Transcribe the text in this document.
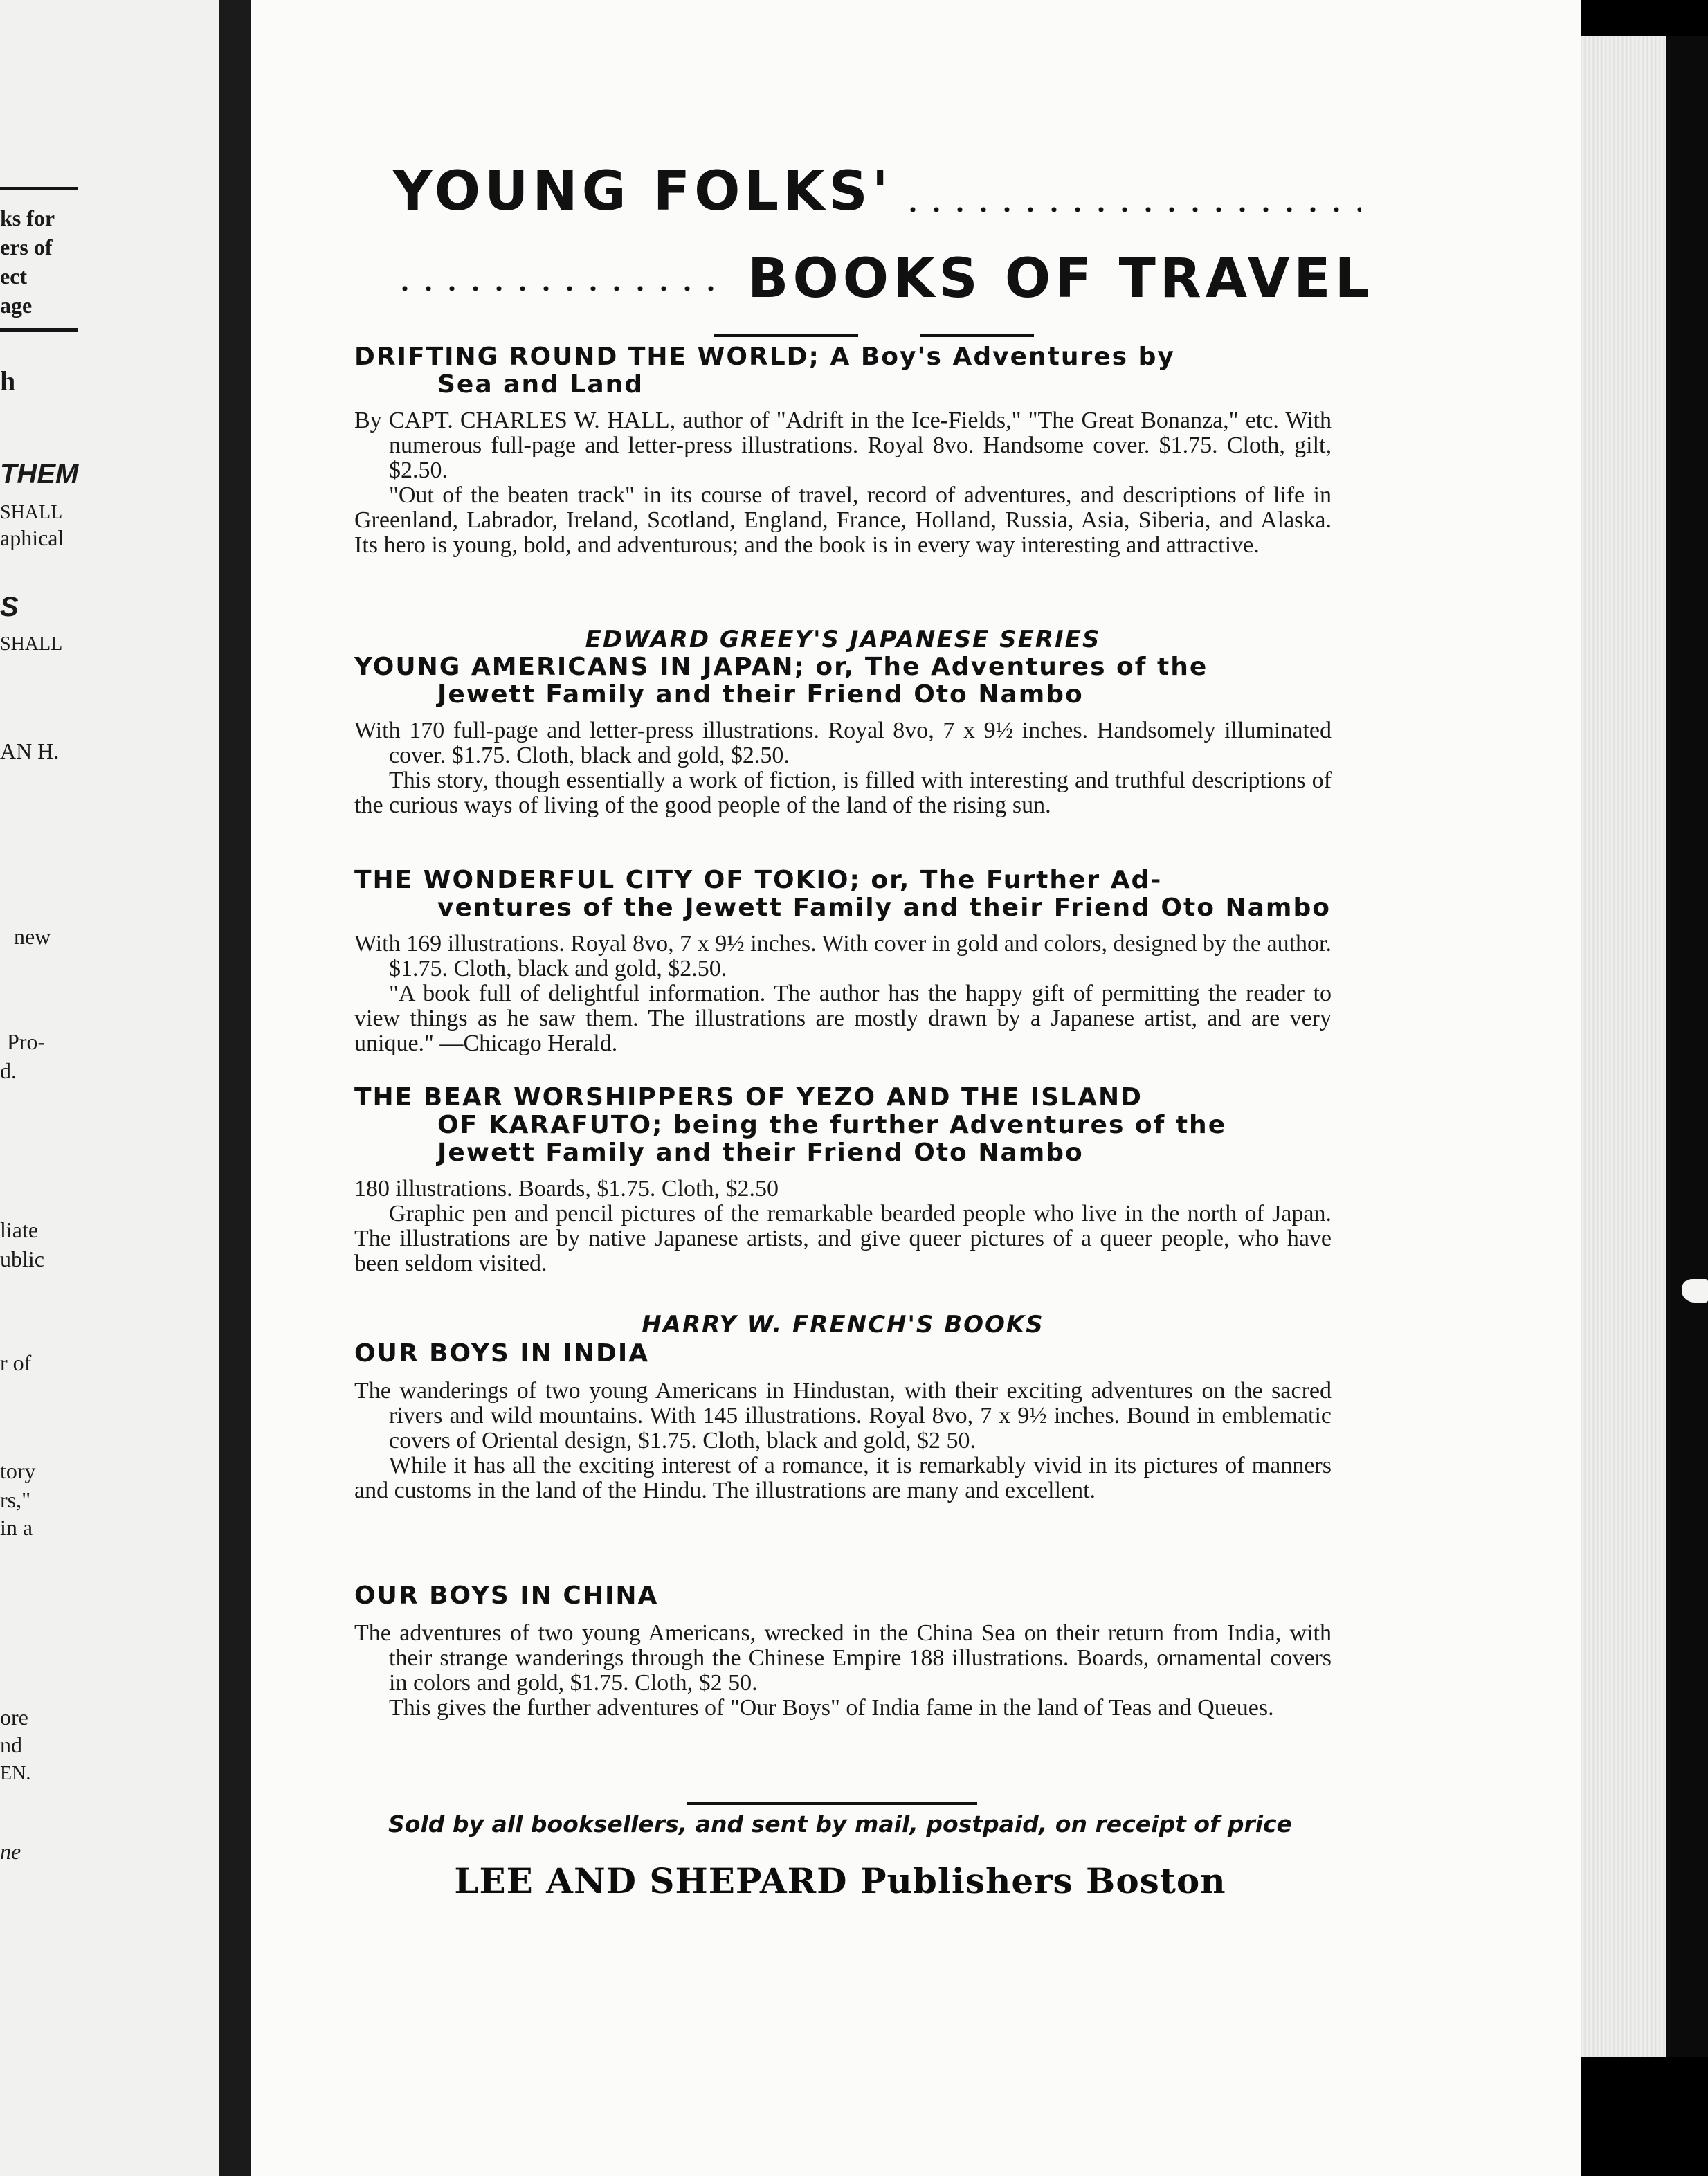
ks for
ers of
ect
age
h
THEM
SHALL
aphical
S
SHALL
AN H.
new
Pro-
d.
liate
ublic
r of
tory
rs,"
in a
ore
nd
EN.
ne
YOUNG FOLKS'
BOOKS OF TRAVEL

DRIFTING ROUND THE WORLD; A Boy's Adventures by
Sea and Land

By CAPT. CHARLES W. HALL, author of "Adrift in the Ice-Fields," "The Great Bonanza," etc. With numerous full-page and letter-press illustrations. Royal 8vo. Handsome cover. $1.75. Cloth, gilt, $2.50.

"Out of the beaten track" in its course of travel, record of adventures, and descriptions of life in Greenland, Labrador, Ireland, Scotland, England, France, Holland, Russia, Asia, Siberia, and Alaska. Its hero is young, bold, and adventurous; and the book is in every way interesting and attractive.

EDWARD GREEY'S JAPANESE SERIES

YOUNG AMERICANS IN JAPAN; or, The Adventures of the
Jewett Family and their Friend Oto Nambo

With 170 full-page and letter-press illustrations. Royal 8vo, 7 x 9½ inches. Handsomely illuminated cover. $1.75. Cloth, black and gold, $2.50.

This story, though essentially a work of fiction, is filled with interesting and truthful descriptions of the curious ways of living of the good people of the land of the rising sun.

THE WONDERFUL CITY OF TOKIO; or, The Further Ad-
ventures of the Jewett Family and their Friend Oto Nambo

With 169 illustrations. Royal 8vo, 7 x 9½ inches. With cover in gold and colors, designed by the author. $1.75. Cloth, black and gold, $2.50.

"A book full of delightful information. The author has the happy gift of permitting the reader to view things as he saw them. The illustrations are mostly drawn by a Japanese artist, and are very unique." —Chicago Herald.

THE BEAR WORSHIPPERS OF YEZO AND THE ISLAND
OF KARAFUTO; being the further Adventures of the Jewett Family and their Friend Oto Nambo

180 illustrations. Boards, $1.75. Cloth, $2.50

Graphic pen and pencil pictures of the remarkable bearded people who live in the north of Japan. The illustrations are by native Japanese artists, and give queer pictures of a queer people, who have been seldom visited.

HARRY W. FRENCH'S BOOKS

OUR BOYS IN INDIA

The wanderings of two young Americans in Hindustan, with their exciting adventures on the sacred rivers and wild mountains. With 145 illustrations. Royal 8vo, 7 x 9½ inches. Bound in emblematic covers of Oriental design, $1.75. Cloth, black and gold, $2 50.

While it has all the exciting interest of a romance, it is remarkably vivid in its pictures of manners and customs in the land of the Hindu. The illustrations are many and excellent.

OUR BOYS IN CHINA

The adventures of two young Americans, wrecked in the China Sea on their return from India, with their strange wanderings through the Chinese Empire 188 illustrations. Boards, ornamental covers in colors and gold, $1.75. Cloth, $2 50.

This gives the further adventures of "Our Boys" of India fame in the land of Teas and Queues.

Sold by all booksellers, and sent by mail, postpaid, on receipt of price
LEE AND SHEPARD Publishers Boston
